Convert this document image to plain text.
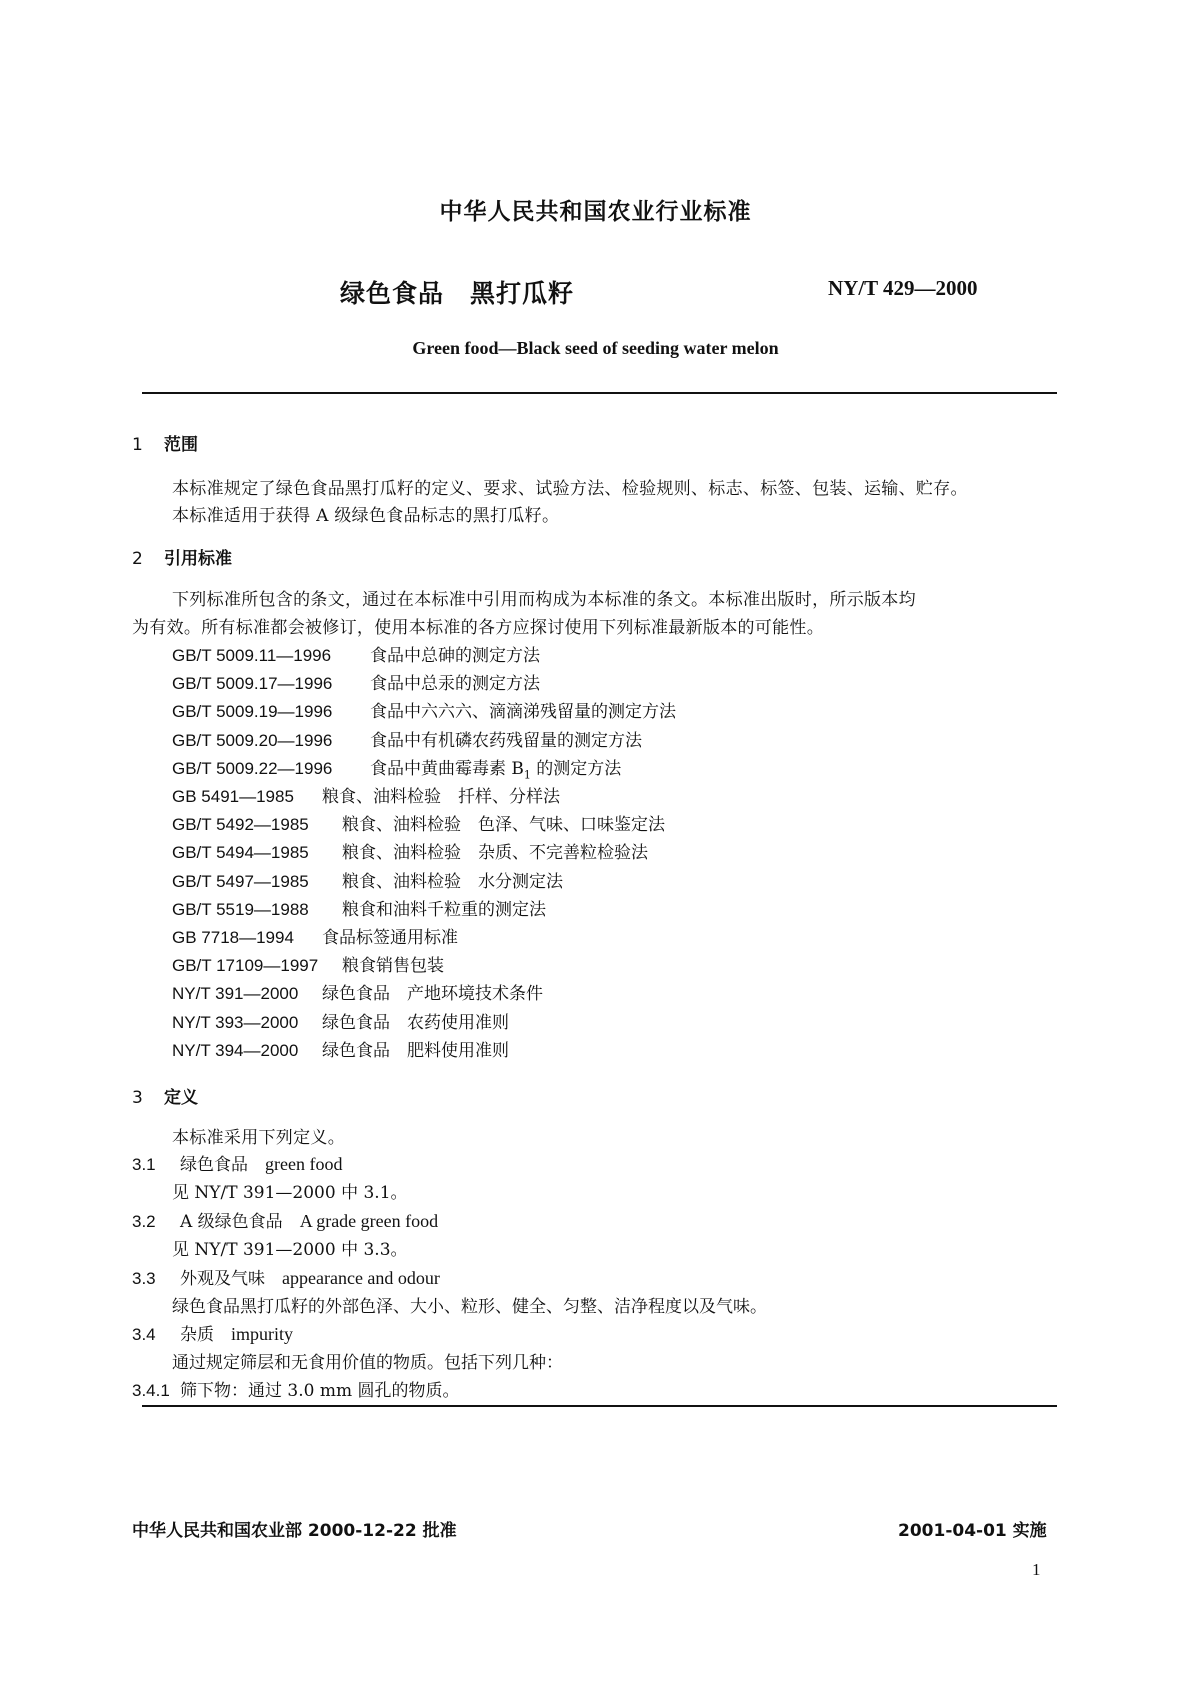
中华人民共和国农业行业标准
绿色食品　黑打瓜籽	NY/T 429—2000
Green food—Black seed of seeding water melon
1 范围
本标准规定了绿色食品黑打瓜籽的定义、要求、试验方法、检验规则、标志、标签、包装、运输、贮存。
本标准适用于获得 A 级绿色食品标志的黑打瓜籽。
2 引用标准
下列标准所包含的条文，通过在本标准中引用而构成为本标准的条文。本标准出版时，所示版本均
为有效。所有标准都会被修订，使用本标准的各方应探讨使用下列标准最新版本的可能性。
GB/T 5009.11—1996 食品中总砷的测定方法
GB/T 5009.17—1996 食品中总汞的测定方法
GB/T 5009.19—1996 食品中六六六、滴滴涕残留量的测定方法
GB/T 5009.20—1996 食品中有机磷农药残留量的测定方法
GB/T 5009.22—1996 食品中黄曲霉毒素 $B_1$ 的测定方法
GB 5491—1985 粮食、油料检验　扦样、分样法
GB/T 5492—1985 粮食、油料检验　色泽、气味、口味鉴定法
GB/T 5494—1985 粮食、油料检验　杂质、不完善粒检验法
GB/T 5497—1985 粮食、油料检验　水分测定法
GB/T 5519—1988 粮食和油料千粒重的测定法
GB 7718—1994 食品标签通用标准
GB/T 17109—1997 粮食销售包装
NY/T 391—2000 绿色食品　产地环境技术条件
NY/T 393—2000 绿色食品　农药使用准则
NY/T 394—2000 绿色食品　肥料使用准则
3 定义
本标准采用下列定义。
3.1 绿色食品　 green food
见 NY/T 391—2000 中 3.1。
3.2 A 级绿色食品　 A grade green food
见 NY/T 391—2000 中 3.3。
3.3 外观及气味　 appearance and odour
绿色食品黑打瓜籽的外部色泽、大小、粒形、健全、匀整、洁净程度以及气味。
3.4 杂质　 impurity
通过规定筛层和无食用价值的物质。包括下列几种：
3.4.1 筛下物：通过 3.0 mm 圆孔的物质。
中华人民共和国农业部 2000-12-22 批准	2001-04-01 实施
1
